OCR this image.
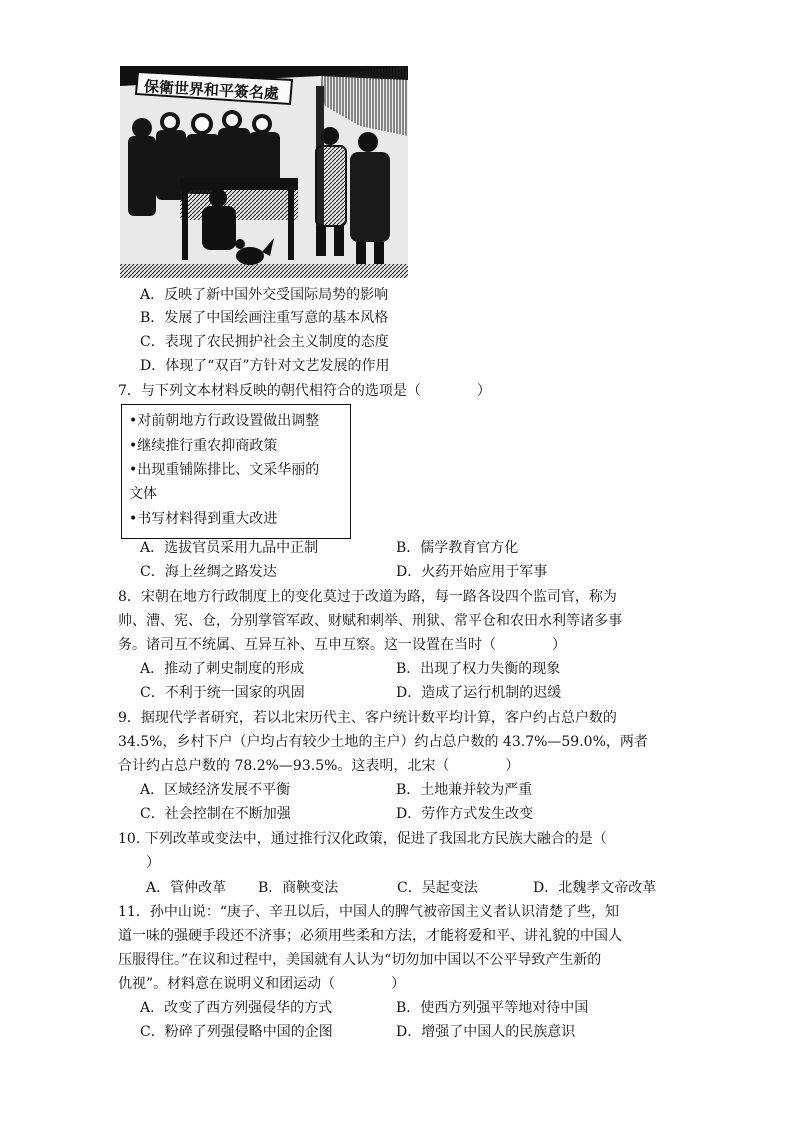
保衛世界和平簽名處
A．反映了新中国外交受国际局势的影响
B．发展了中国绘画注重写意的基本风格
C．表现了农民拥护社会主义制度的态度
D．体现了“双百”方针对文艺发展的作用
7．与下列文本材料反映的朝代相符合的选项是（　　　　）
•对前朝地方行政设置做出调整
•继续推行重农抑商政策
•出现重铺陈排比、文采华丽的
文体
•书写材料得到重大改进
A．选拔官员采用九品中正制	B．儒学教育官方化
C．海上丝绸之路发达	D．火药开始应用于军事
8．宋朝在地方行政制度上的变化莫过于改道为路，每一路各设四个监司官，称为
帅、漕、宪、仓，分别掌管军政、财赋和刺举、刑狱、常平仓和农田水利等诸多事
务。诸司互不统属、互异互补、互申互察。这一设置在当时（　　　　）
A．推动了刺史制度的形成	B．出现了权力失衡的现象
C．不利于统一国家的巩固	D．造成了运行机制的迟缓
9．据现代学者研究，若以北宋历代主、客户统计数平均计算，客户约占总户数的
34.5%，乡村下户（户均占有较少土地的主户）约占总户数的 43.7%—59.0%，两者
合计约占总户数的 78.2%—93.5%。这表明，北宋（　　　　）
A．区域经济发展不平衡	B．土地兼并较为严重
C．社会控制在不断加强	D．劳作方式发生改变
10. 下列改革或变法中，通过推行汉化政策，促进了我国北方民族大融合的是（
　　）
A．管仲改革 B．商鞅变法	C．吴起变法	D．北魏孝文帝改革
11．孙中山说：“庚子、辛丑以后，中国人的脾气被帝国主义者认识清楚了些，知
道一味的强硬手段还不济事；必须用些柔和方法，才能将爱和平、讲礼貌的中国人
压服得住。”在议和过程中，美国就有人认为“切勿加中国以不公平导致产生新的
仇视”。材料意在说明义和团运动（　　　　）
A．改变了西方列强侵华的方式	B．使西方列强平等地对待中国
C．粉碎了列强侵略中国的企图	D．增强了中国人的民族意识
